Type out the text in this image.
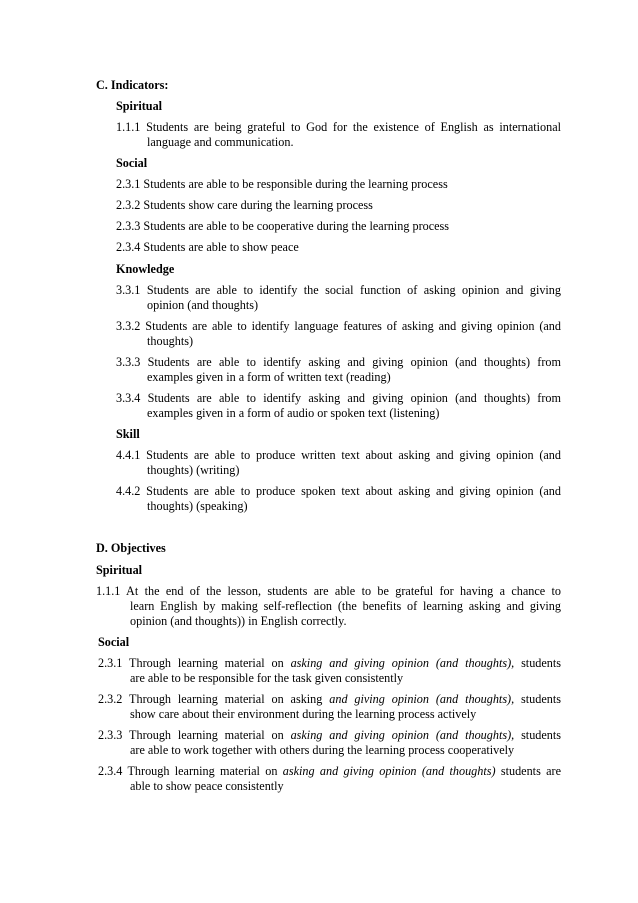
C. Indicators:
Spiritual
1.1.1 Students are being grateful to God for the existence of English as international
language and communication.
Social
2.3.1 Students are able to be responsible during the learning process
2.3.2 Students show care during the learning process
2.3.3 Students are able to be cooperative during the learning process
2.3.4 Students are able to show peace
Knowledge
3.3.1 Students are able to identify the social function of asking opinion and giving
opinion (and thoughts)
3.3.2 Students are able to identify language features of asking and giving opinion (and
thoughts)
3.3.3 Students are able to identify asking and giving opinion (and thoughts) from
examples given in a form of written text (reading)
3.3.4 Students are able to identify asking and giving opinion (and thoughts) from
examples given in a form of audio or spoken text (listening)
Skill
4.4.1 Students are able to produce written text about asking and giving opinion (and
thoughts) (writing)
4.4.2 Students are able to produce spoken text about asking and giving opinion (and
thoughts) (speaking)
D. Objectives
Spiritual
1.1.1 At the end of the lesson, students are able to be grateful for having a chance to
learn English by making self-reflection (the benefits of learning asking and giving
opinion (and thoughts)) in English correctly.
Social
2.3.1 Through learning material on asking and giving opinion (and thoughts), students
are able to be responsible for the task given consistently
2.3.2 Through learning material on asking and giving opinion (and thoughts), students
show care about their environment during the learning process actively
2.3.3 Through learning material on asking and giving opinion (and thoughts), students
are able to work together with others during the learning process cooperatively
2.3.4 Through learning material on asking and giving opinion (and thoughts) students are
able to show peace consistently
